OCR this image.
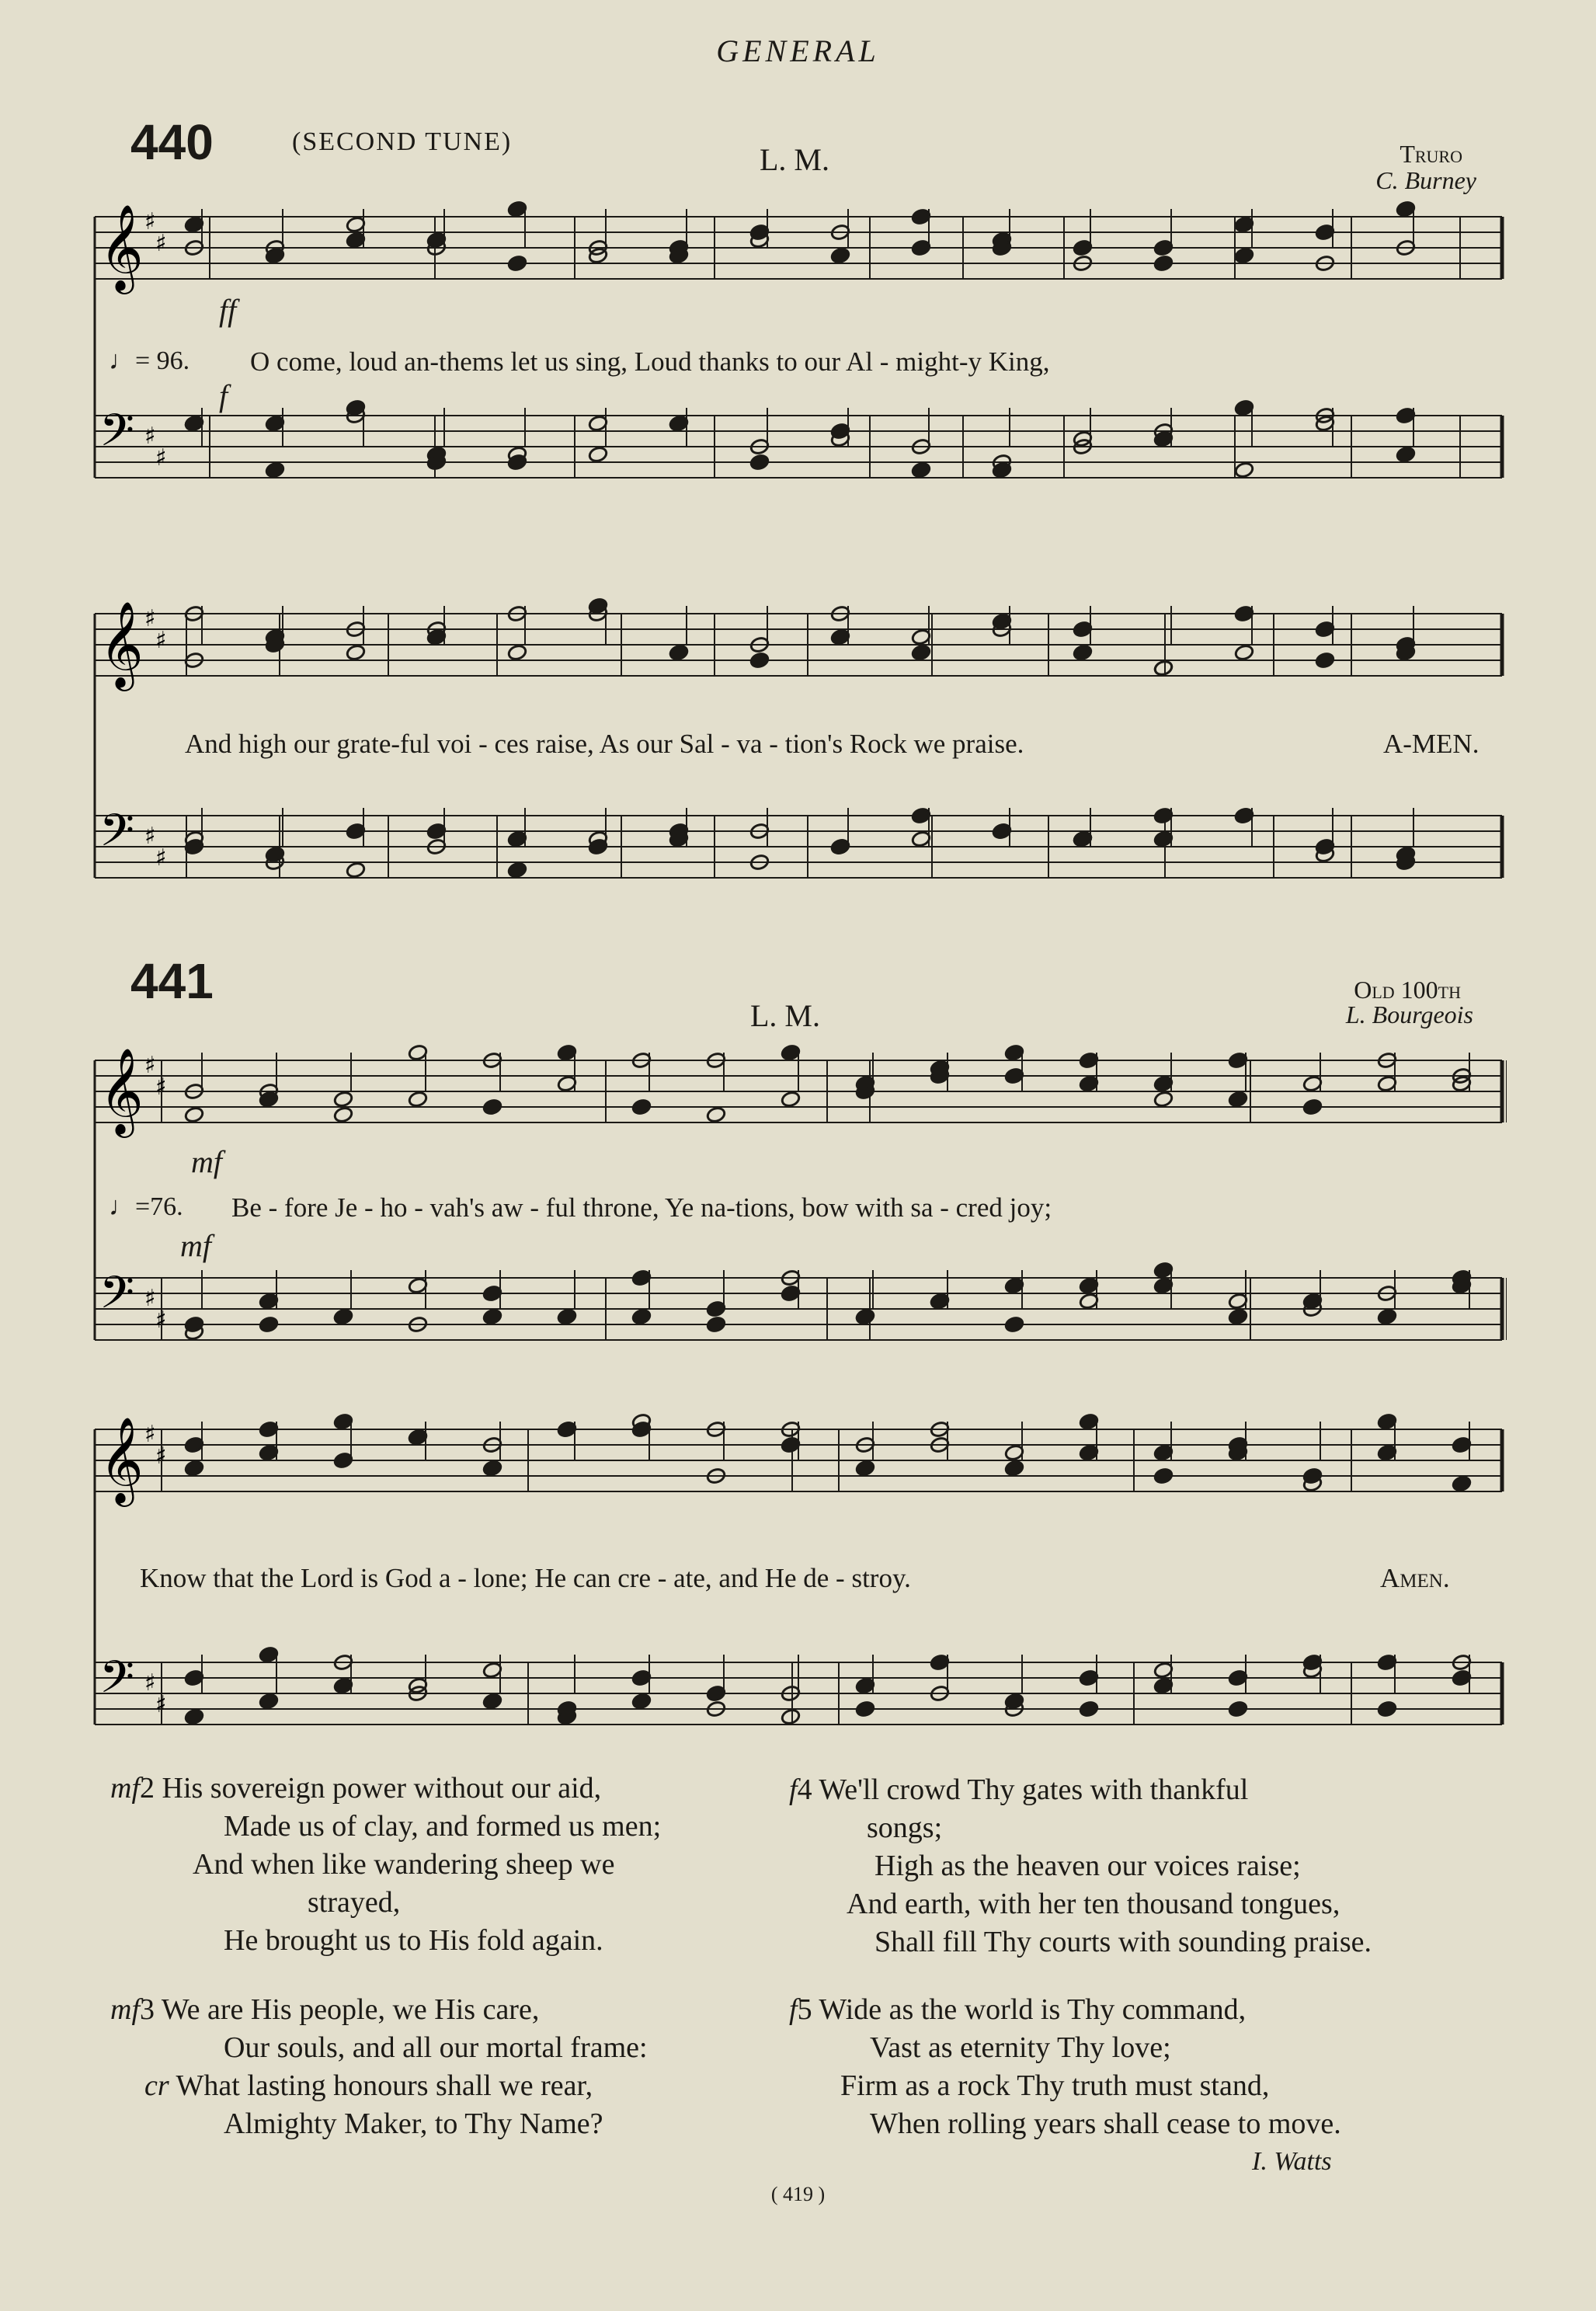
GENERAL
440	(SECOND TUNE)
L. M.	Truro
C. Burney
𝄞 ♯
♯
𝄢 ♯
♯
ff
♩= 96. O come, loud an-thems let us sing, Loud thanks to our Al - might-y King,
f
𝄞 ♯
♯
𝄢 ♯
♯
And high our grate-ful voi - ces raise, As our Sal - va - tion's Rock we praise.	A-MEN.
441
L. M.
Old 100th
L. Bourgeois
𝄞 ♯
♯
𝄢 ♯
♯
mf
♩=76. Be - fore Je - ho - vah's aw - ful throne, Ye na-tions, bow with sa - cred joy;
mf
𝄞 ♯
♯
𝄢 ♯
♯
Know that the Lord is God a - lone; He can cre - ate, and He de - stroy.	Amen.
mf2 His sovereign power without our aid,
Made us of clay, and formed us men;
And when like wandering sheep we
strayed,
He brought us to His fold again.
mf3 We are His people, we His care,
Our souls, and all our mortal frame:
cr What lasting honours shall we rear,
Almighty Maker, to Thy Name?
f4 We'll crowd Thy gates with thankful
songs;
High as the heaven our voices raise;
And earth, with her ten thousand tongues,
Shall fill Thy courts with sounding praise.
f5 Wide as the world is Thy command,
Vast as eternity Thy love;
Firm as a rock Thy truth must stand,
When rolling years shall cease to move.
I. Watts
( 419 )
